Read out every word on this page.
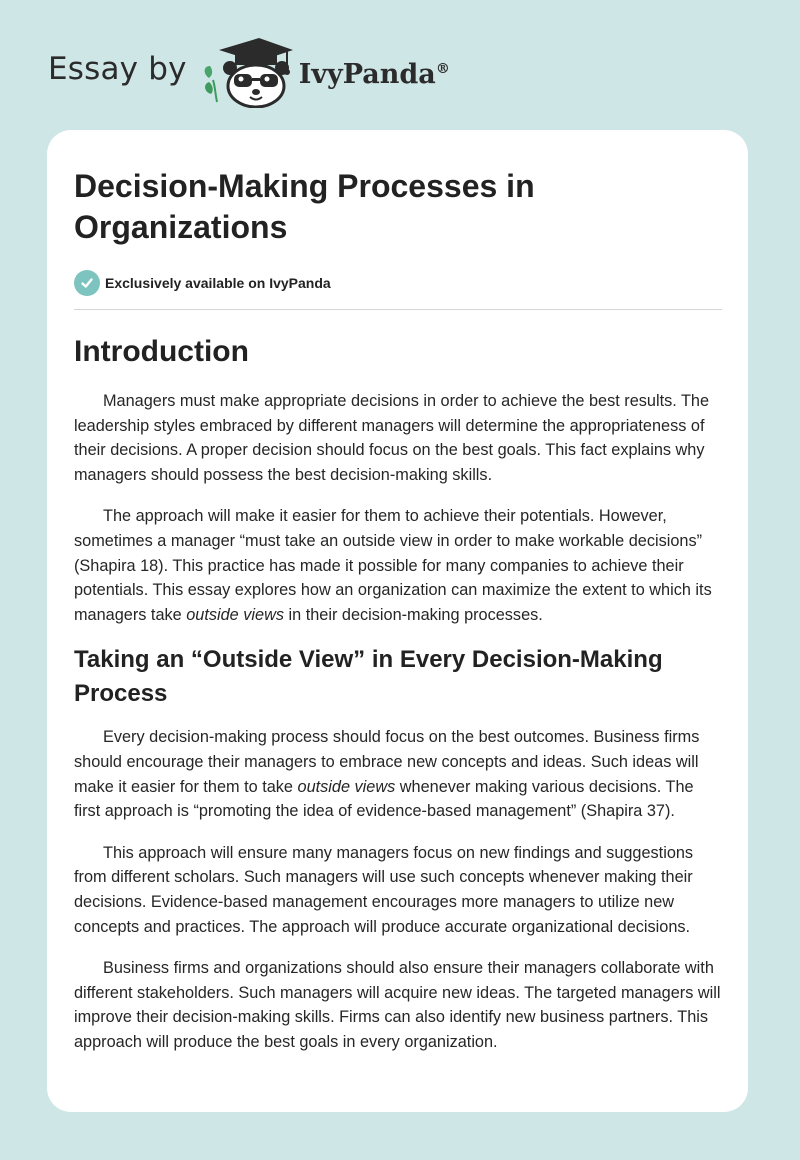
Essay by	IvyPanda®
Decision-Making Processes in Organizations
Exclusively available on IvyPanda
Introduction

Managers must make appropriate decisions in order to achieve the best results. The leadership styles embraced by different managers will determine the appropriateness of their decisions. A proper decision should focus on the best goals. This fact explains why managers should possess the best decision-making skills.

The approach will make it easier for them to achieve their potentials. However, sometimes a manager “must take an outside view in order to make workable decisions” (Shapira 18). This practice has made it possible for many companies to achieve their potentials. This essay explores how an organization can maximize the extent to which its managers take outside views in their decision-making processes.

Taking an “Outside View” in Every Decision-Making Process

Every decision-making process should focus on the best outcomes. Business firms should encourage their managers to embrace new concepts and ideas. Such ideas will make it easier for them to take outside views whenever making various decisions. The first approach is “promoting the idea of evidence-based management” (Shapira 37).

This approach will ensure many managers focus on new findings and suggestions from different scholars. Such managers will use such concepts whenever making their decisions. Evidence-based management encourages more managers to utilize new concepts and practices. The approach will produce accurate organizational decisions.

Business firms and organizations should also ensure their managers collaborate with different stakeholders. Such managers will acquire new ideas. The targeted managers will improve their decision-making skills. Firms can also identify new business partners. This approach will produce the best goals in every organization.
